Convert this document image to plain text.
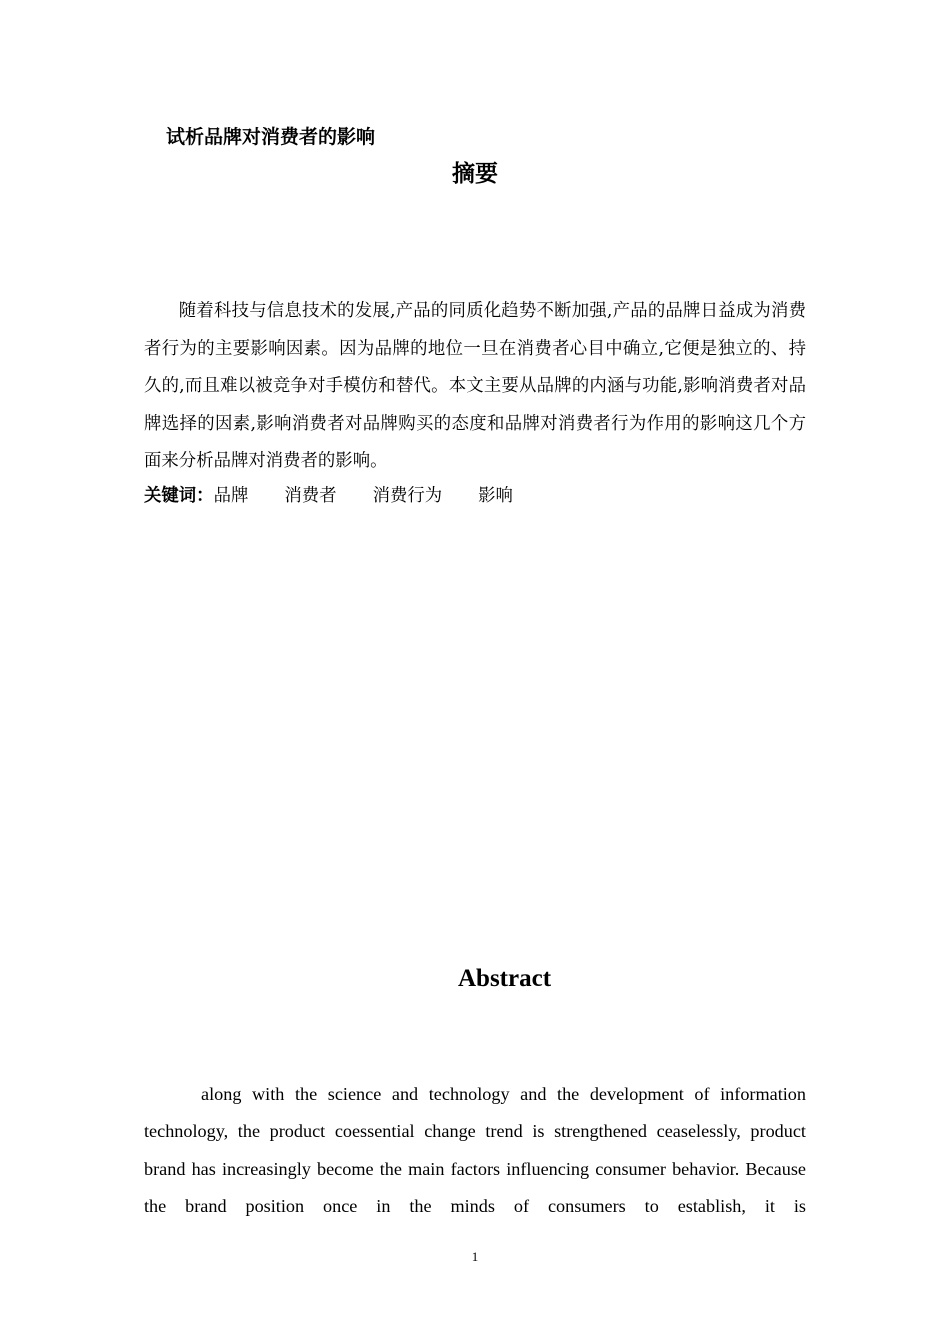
试析品牌对消费者的影响
摘要

随着科技与信息技术的发展,产品的同质化趋势不断加强,产品的品牌日益成为消费者行为的主要影响因素。因为品牌的地位一旦在消费者心目中确立,它便是独立的、持久的,而且难以被竞争对手模仿和替代。本文主要从品牌的内涵与功能,影响消费者对品牌选择的因素,影响消费者对品牌购买的态度和品牌对消费者行为作用的影响这几个方面来分析品牌对消费者的影响。

关键词：品牌 消费者 消费行为 影响
Abstract

along with the science and technology and the development of information technology, the product coessential change trend is strengthened ceaselessly, product brand has increasingly become the main factors influencing consumer behavior. Because the brand position once in the minds of consumers to establish, it is

1
